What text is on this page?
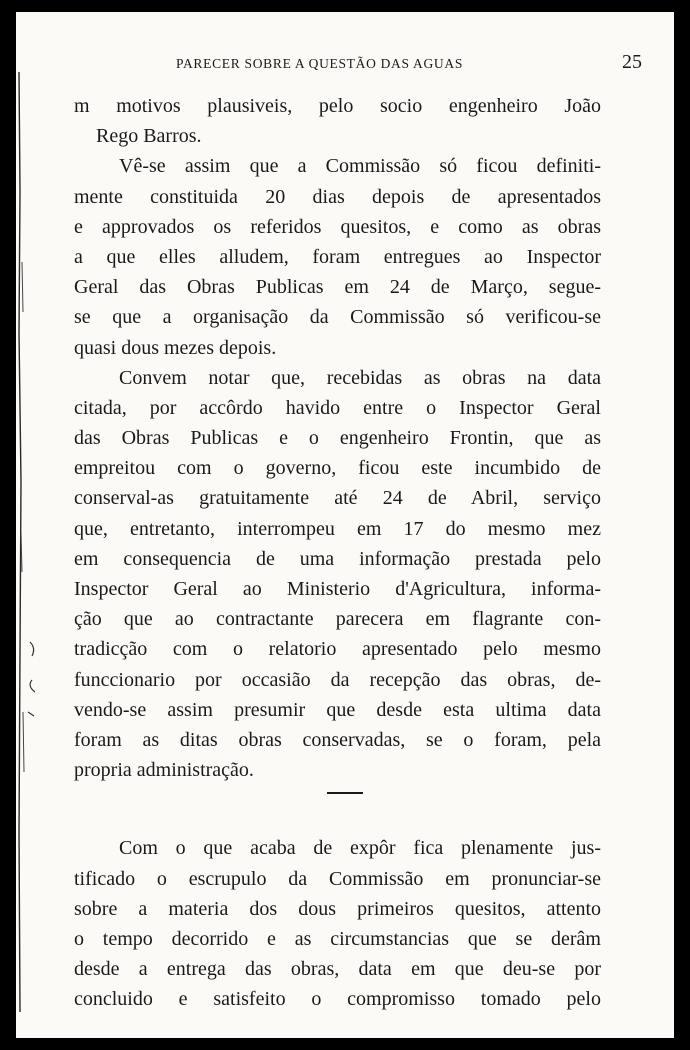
PARECER SOBRE A QUESTÃO DAS AGUAS	25
m motivos plausiveis, pelo socio engenheiro João
Rego Barros.
Vê-se assim que a Commissão só ficou definiti-
mente constituida 20 dias depois de apresentados
e approvados os referidos quesitos, e como as obras
a que elles alludem, foram entregues ao Inspector
Geral das Obras Publicas em 24 de Março, segue-
se que a organisação da Commissão só verificou-se
quasi dous mezes depois.
Convem notar que, recebidas as obras na data
citada, por accôrdo havido entre o Inspector Geral
das Obras Publicas e o engenheiro Frontin, que as
empreitou com o governo, ficou este incumbido de
conserval-as gratuitamente até 24 de Abril, serviço
que, entretanto, interrompeu em 17 do mesmo mez
em consequencia de uma informação prestada pelo
Inspector Geral ao Ministerio d'Agricultura, informa-
ção que ao contractante parecera em flagrante con-
tradicção com o relatorio apresentado pelo mesmo
funccionario por occasião da recepção das obras, de-
vendo-se assim presumir que desde esta ultima data
foram as ditas obras conservadas, se o foram, pela
propria administração.
Com o que acaba de expôr fica plenamente jus-
tificado o escrupulo da Commissão em pronunciar-se
sobre a materia dos dous primeiros quesitos, attento
o tempo decorrido e as circumstancias que se derâm
desde a entrega das obras, data em que deu-se por
concluido e satisfeito o compromisso tomado pelo
